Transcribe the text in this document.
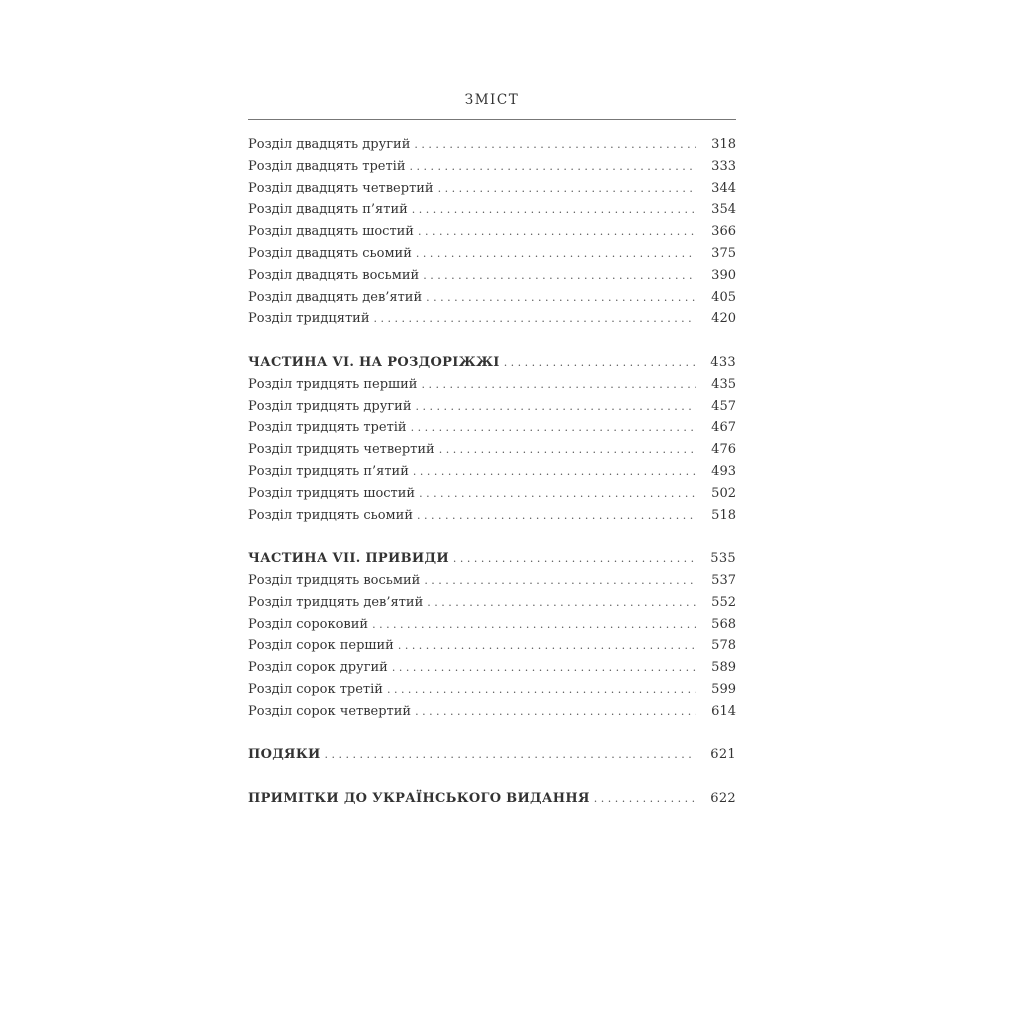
ЗМІСТ
Розділ двадцять другий . . .	318
Розділ двадцять третій . . .	333
Розділ двадцять четвертий . . .	344
Розділ двадцять п’ятий . . .	354
Розділ двадцять шостий . . .	366
Розділ двадцять сьомий . . .	375
Розділ двадцять восьмий . . .	390
Розділ двадцять дев’ятий . . .	405
Розділ тридцятий . . .	420
ЧАСТИНА VI. НА РОЗДОРІЖЖІ . . .	433
Розділ тридцять перший . . .	435
Розділ тридцять другий . . .	457
Розділ тридцять третій . . .	467
Розділ тридцять четвертий . . .	476
Розділ тридцять п’ятий . . .	493
Розділ тридцять шостий . . .	502
Розділ тридцять сьомий . . .	518
ЧАСТИНА VII. ПРИВИДИ . . .	535
Розділ тридцять восьмий . . .	537
Розділ тридцять дев’ятий . . .	552
Розділ сороковий . . .	568
Розділ сорок перший . . .	578
Розділ сорок другий . . .	589
Розділ сорок третій . . .	599
Розділ сорок четвертий . . .	614
ПОДЯКИ . . .	621
ПРИМІТКИ ДО УКРАЇНСЬКОГО ВИДАННЯ . . .	622
